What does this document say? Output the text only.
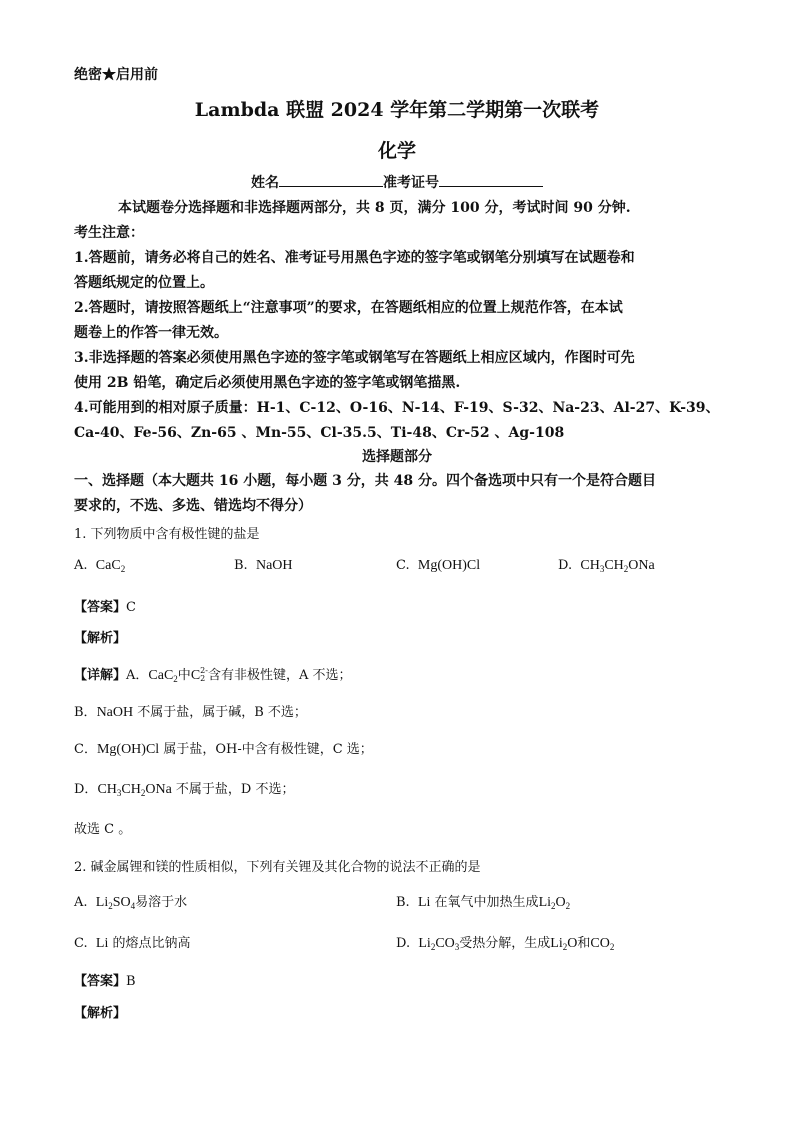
绝密★启用前
Lambda 联盟 2024 学年第二学期第一次联考
化学
姓名	准考证号
本试题卷分选择题和非选择题两部分，共 8 页，满分 100 分，考试时间 90 分钟.
考生注意：
1.答题前，请务必将自己的姓名、准考证号用黑色字迹的签字笔或钢笔分别填写在试题卷和
答题纸规定的位置上。
2.答题时，请按照答题纸上“注意事项”的要求，在答题纸相应的位置上规范作答，在本试
题卷上的作答一律无效。
3.非选择题的答案必须使用黑色字迹的签字笔或钢笔写在答题纸上相应区域内，作图时可先
使用 2B 铅笔，确定后必须使用黑色字迹的签字笔或钢笔描黑.
4.可能用到的相对原子质量：H-1、C-12、O-16、N-14、F-19、S-32、Na-23、Al-27、K-39、
Ca-40、Fe-56、Zn-65 、Mn-55、Cl-35.5、Ti-48、Cr-52 、Ag-108
选择题部分
一、选择题（本大题共 16 小题，每小题 3 分，共 48 分。四个备选项中只有一个是符合题目
要求的，不选、多选、错选均不得分）
1. 下列物质中含有极性键的盐是
A. CaC$_2$	B. NaOH	C. Mg(OH)Cl	D. $CH_3CH_2ONa$
【答案】C
【解析】
【详解】A．CaC$_2$中C 2-
2 含有非极性键，A 不选；
B．NaOH 不属于盐，属于碱，B 不选；
C．Mg(OH)Cl 属于盐，OH-中含有极性键，C 选；
D．$CH_3CH_2ONa$ 不属于盐，D 不选；
故选 C 。
2. 碱金属锂和镁的性质相似，下列有关锂及其化合物的说法不正确的是
A. $Li_2SO_4$易溶于水	B. Li 在氧气中加热生成$Li_2O_2$
C. Li 的熔点比钠高	D. $Li_2CO_3$受热分解，生成$Li_2O$和$CO_2$
【答案】B
【解析】
